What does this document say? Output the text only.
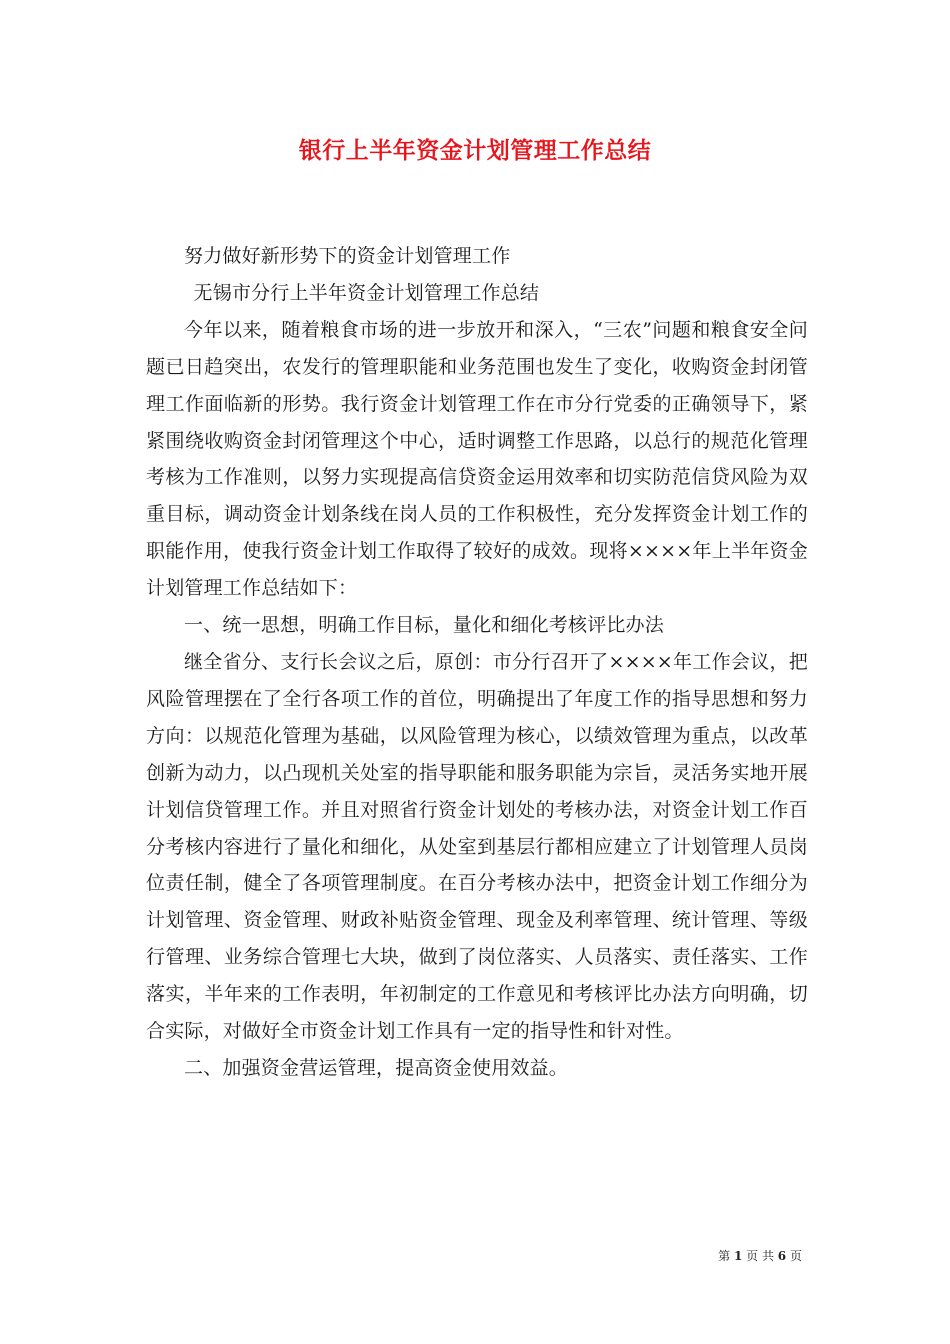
银行上半年资金计划管理工作总结

努力做好新形势下的资金计划管理工作

无锡市分行上半年资金计划管理工作总结

今年以来，随着粮食市场的进一步放开和深入，“三农”问题和粮食安全问题已日趋突出，农发行的管理职能和业务范围也发生了变化，收购资金封闭管理工作面临新的形势。我行资金计划管理工作在市分行党委的正确领导下，紧紧围绕收购资金封闭管理这个中心，适时调整工作思路，以总行的规范化管理考核为工作准则，以努力实现提高信贷资金运用效率和切实防范信贷风险为双重目标，调动资金计划条线在岗人员的工作积极性，充分发挥资金计划工作的职能作用，使我行资金计划工作取得了较好的成效。现将××××年上半年资金计划管理工作总结如下：

一、统一思想，明确工作目标，量化和细化考核评比办法

继全省分、支行长会议之后，原创：市分行召开了××××年工作会议，把风险管理摆在了全行各项工作的首位，明确提出了年度工作的指导思想和努力方向：以规范化管理为基础，以风险管理为核心，以绩效管理为重点，以改革创新为动力，以凸现机关处室的指导职能和服务职能为宗旨，灵活务实地开展计划信贷管理工作。并且对照省行资金计划处的考核办法，对资金计划工作百分考核内容进行了量化和细化，从处室到基层行都相应建立了计划管理人员岗位责任制，健全了各项管理制度。在百分考核办法中，把资金计划工作细分为计划管理、资金管理、财政补贴资金管理、现金及利率管理、统计管理、等级行管理、业务综合管理七大块，做到了岗位落实、人员落实、责任落实、工作落实，半年来的工作表明，年初制定的工作意见和考核评比办法方向明确，切合实际，对做好全市资金计划工作具有一定的指导性和针对性。

二、加强资金营运管理，提高资金使用效益。

第 1 页 共 6 页
